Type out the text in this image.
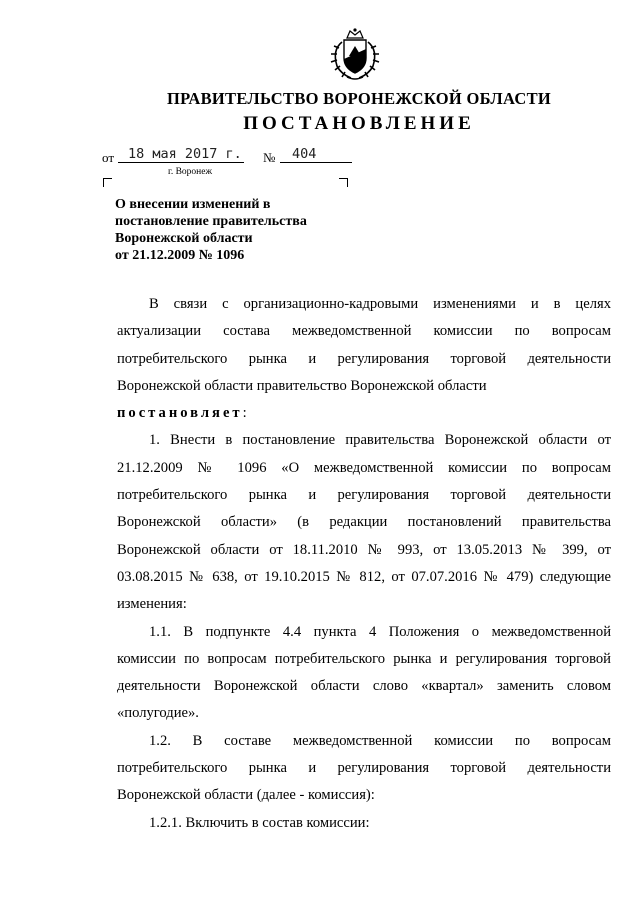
ПРАВИТЕЛЬСТВО ВОРОНЕЖСКОЙ ОБЛАСТИ
ПОСТАНОВЛЕНИЕ
от	18 мая 2017 г. №	404
г. Воронеж
О внесении изменений в
постановление правительства
Воронежской области
от 21.12.2009 № 1096

В связи с организационно-кадровыми изменениями и в целях

актуализации состава межведомственной комиссии по вопросам

потребительского рынка и регулирования торговой деятельности

Воронежской области правительство Воронежской области

постановляет:

1. Внести в постановление правительства Воронежской области от

21.12.2009 № 1096 «О межведомственной комиссии по вопросам

потребительского рынка и регулирования торговой деятельности

Воронежской области» (в редакции постановлений правительства

Воронежской области от 18.11.2010 № 993, от 13.05.2013 № 399, от

03.08.2015 № 638, от 19.10.2015 № 812, от 07.07.2016 № 479) следующие

изменения:

1.1. В подпункте 4.4 пункта 4 Положения о межведомственной

комиссии по вопросам потребительского рынка и регулирования торговой

деятельности Воронежской области слово «квартал» заменить словом

«полугодие».

1.2. В составе межведомственной комиссии по вопросам

потребительского рынка и регулирования торговой деятельности

Воронежской области (далее - комиссия):

1.2.1. Включить в состав комиссии:
